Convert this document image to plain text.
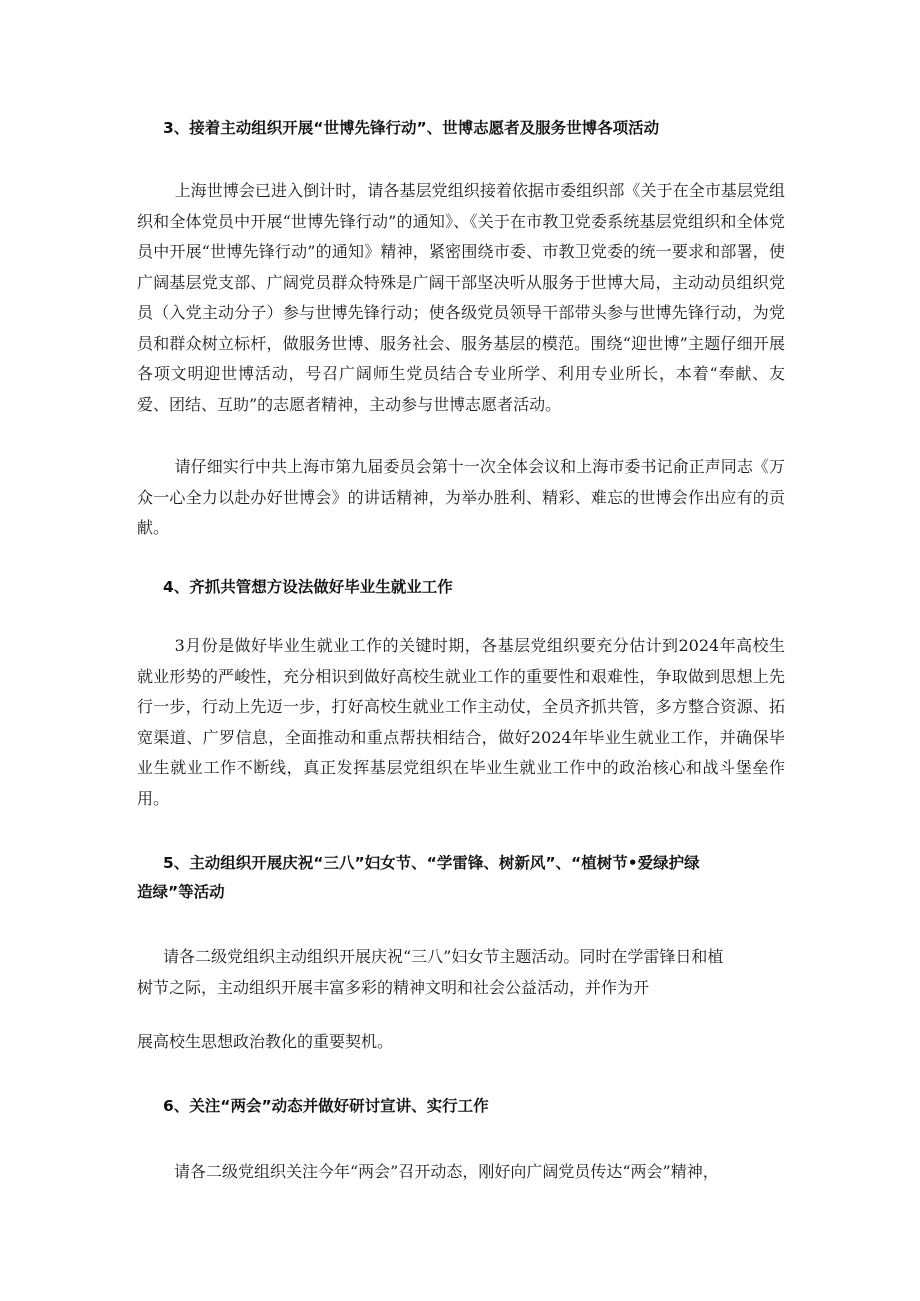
3、接着主动组织开展“世博先锋行动”、世博志愿者及服务世博各项活动

上海世博会已进入倒计时，请各基层党组织接着依据市委组织部《关于在全市基层党组织和全体党员中开展“世博先锋行动”的通知》、《关于在市教卫党委系统基层党组织和全体党员中开展“世博先锋行动”的通知》精神，紧密围绕市委、市教卫党委的统一要求和部署，使广阔基层党支部、广阔党员群众特殊是广阔干部坚决听从服务于世博大局，主动动员组织党员（入党主动分子）参与世博先锋行动；使各级党员领导干部带头参与世博先锋行动，为党员和群众树立标杆，做服务世博、服务社会、服务基层的模范。围绕“迎世博”主题仔细开展各项文明迎世博活动，号召广阔师生党员结合专业所学、利用专业所长，本着“奉献、友爱、团结、互助”的志愿者精神，主动参与世博志愿者活动。

请仔细实行中共上海市第九届委员会第十一次全体会议和上海市委书记俞正声同志《万众一心全力以赴办好世博会》的讲话精神，为举办胜利、精彩、难忘的世博会作出应有的贡献。

4、齐抓共管想方设法做好毕业生就业工作

3月份是做好毕业生就业工作的关键时期，各基层党组织要充分估计到2024年高校生就业形势的严峻性，充分相识到做好高校生就业工作的重要性和艰难性，争取做到思想上先行一步，行动上先迈一步，打好高校生就业工作主动仗，全员齐抓共管，多方整合资源、拓宽渠道、广罗信息，全面推动和重点帮扶相结合，做好2024年毕业生就业工作，并确保毕业生就业工作不断线，真正发挥基层党组织在毕业生就业工作中的政治核心和战斗堡垒作用。

5、主动组织开展庆祝“三八”妇女节、“学雷锋、树新风”、“植树节•爱绿护绿
造绿”等活动

请各二级党组织主动组织开展庆祝“三八”妇女节主题活动。同时在学雷锋日和植

树节之际，主动组织开展丰富多彩的精神文明和社会公益活动，并作为开

展高校生思想政治教化的重要契机。

6、关注“两会”动态并做好研讨宣讲、实行工作

请各二级党组织关注今年“两会”召开动态，刚好向广阔党员传达“两会”精神，
